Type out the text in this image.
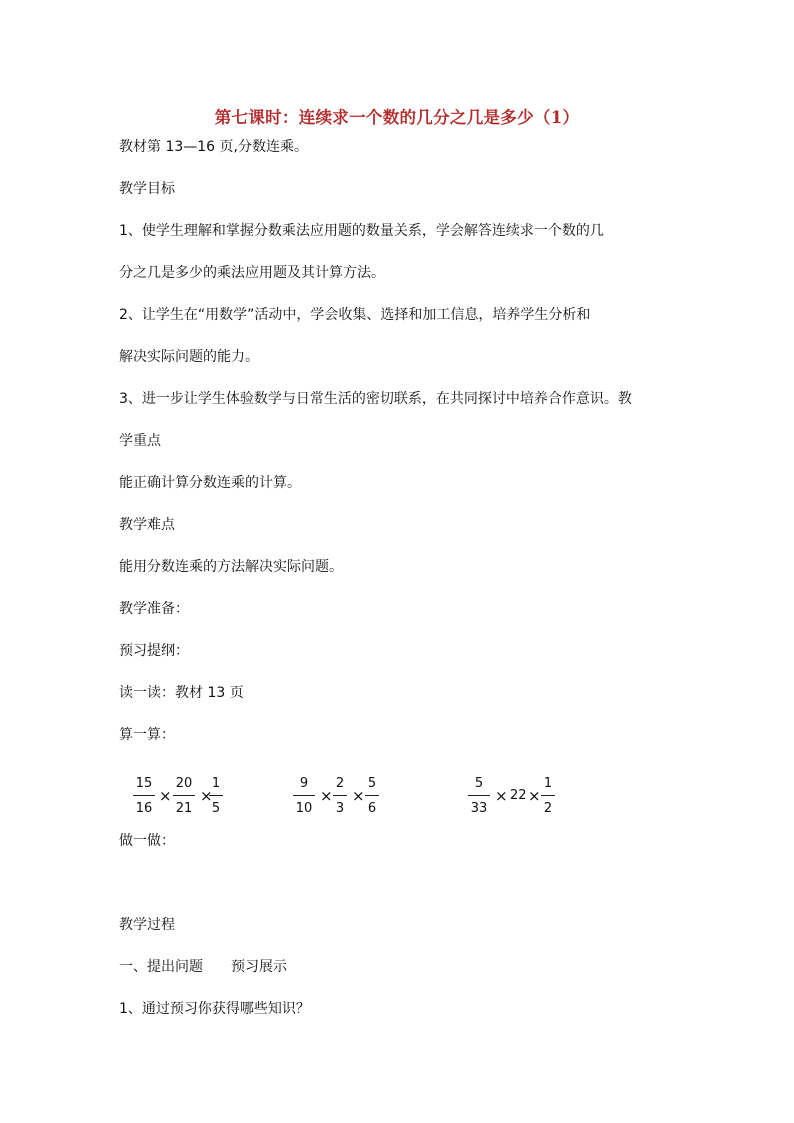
第七课时：连续求一个数的几分之几是多少（1）
教材第 13—16 页,分数连乘。
教学目标
1、使学生理解和掌握分数乘法应用题的数量关系，学会解答连续求一个数的几
分之几是多少的乘法应用题及其计算方法。
2、让学生在“用数学”活动中，学会收集、选择和加工信息，培养学生分析和
解决实际问题的能力。
3、进一步让学生体验数学与日常生活的密切联系，在共同探讨中培养合作意识。教
学重点
能正确计算分数连乘的计算。
教学难点
能用分数连乘的方法解决实际问题。
教学准备：
预习提纲：
读一读：教材 13 页
算一算：
15
16
×
20
21
×
1
5
9
10
×
2
3
×
5
6
5
33
× 22 ×
1
2
做一做：
教学过程
一、提出问题　　预习展示
1、通过预习你获得哪些知识？
